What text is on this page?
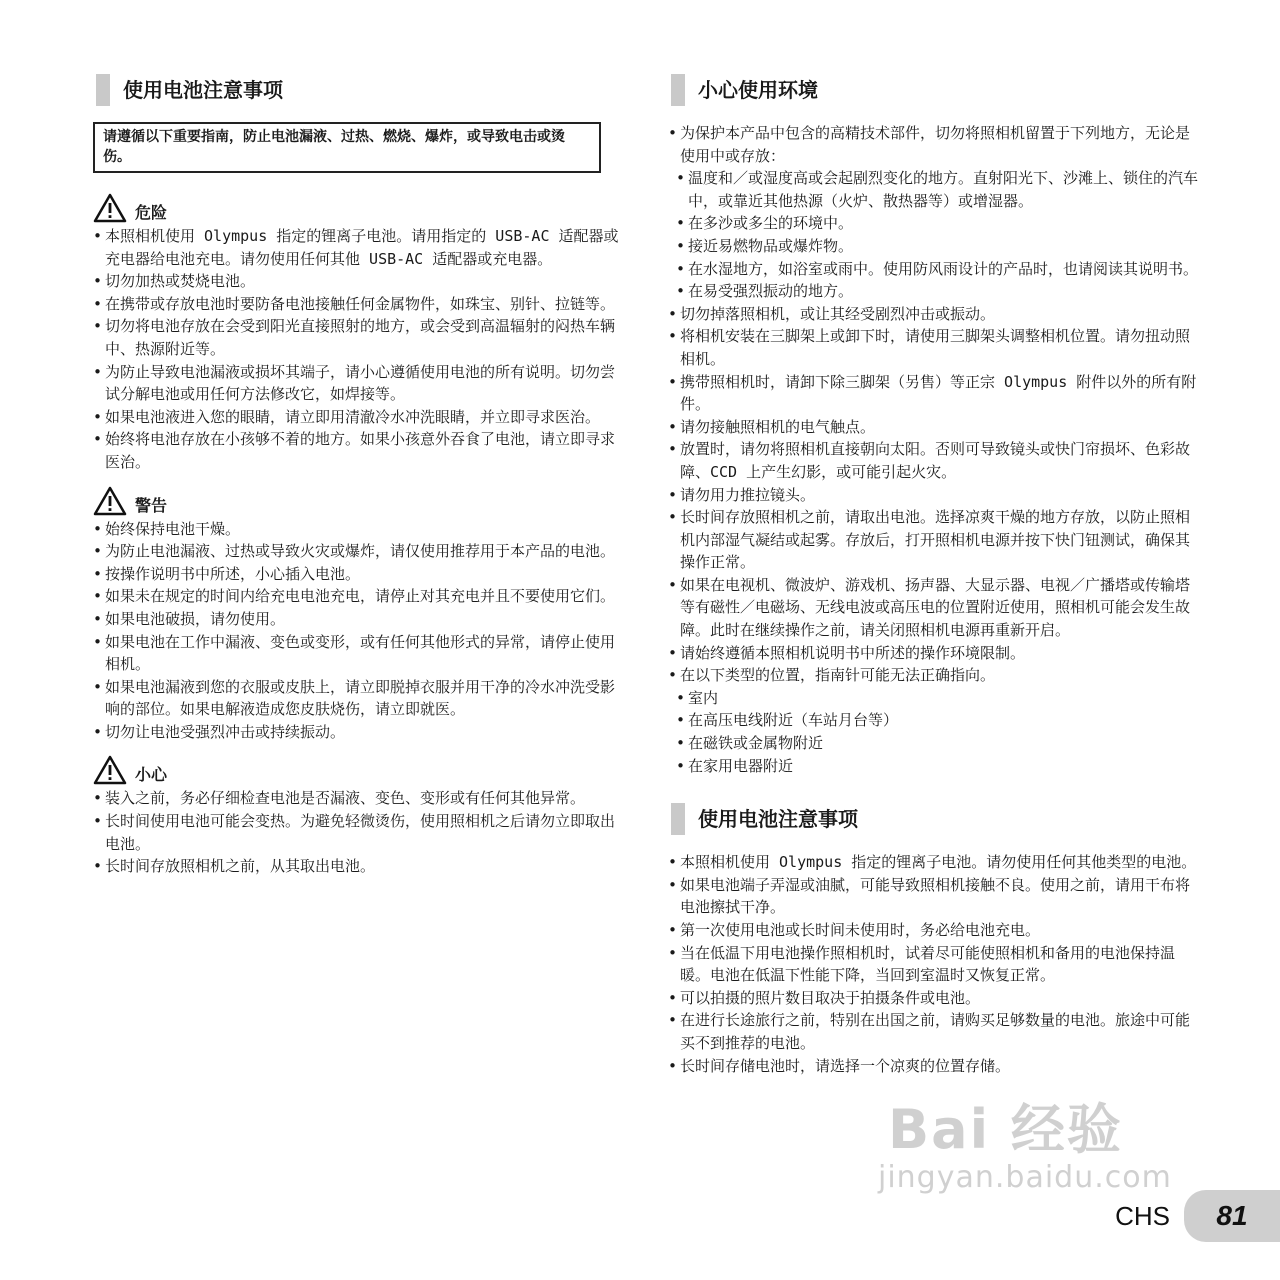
使用电池注意事项
请遵循以下重要指南，防止电池漏液、过热、燃烧、爆炸，或导致电击或烫伤。
危险
• 本照相机使用 Olympus 指定的锂离子电池。请用指定的 USB-AC 适配器或充电器给电池充电。请勿使用任何其他 USB-AC 适配器或充电器。
• 切勿加热或焚烧电池。
• 在携带或存放电池时要防备电池接触任何金属物件，如珠宝、别针、拉链等。
• 切勿将电池存放在会受到阳光直接照射的地方，或会受到高温辐射的闷热车辆中、热源附近等。
• 为防止导致电池漏液或损坏其端子，请小心遵循使用电池的所有说明。切勿尝试分解电池或用任何方法修改它，如焊接等。
• 如果电池液进入您的眼睛，请立即用清澈冷水冲洗眼睛，并立即寻求医治。
• 始终将电池存放在小孩够不着的地方。如果小孩意外吞食了电池，请立即寻求医治。
警告
• 始终保持电池干燥。
• 为防止电池漏液、过热或导致火灾或爆炸，请仅使用推荐用于本产品的电池。
• 按操作说明书中所述，小心插入电池。
• 如果未在规定的时间内给充电电池充电，请停止对其充电并且不要使用它们。
• 如果电池破损，请勿使用。
• 如果电池在工作中漏液、变色或变形，或有任何其他形式的异常，请停止使用相机。
• 如果电池漏液到您的衣服或皮肤上，请立即脱掉衣服并用干净的冷水冲洗受影响的部位。如果电解液造成您皮肤烧伤，请立即就医。
• 切勿让电池受强烈冲击或持续振动。
小心
• 装入之前，务必仔细检查电池是否漏液、变色、变形或有任何其他异常。
• 长时间使用电池可能会变热。为避免轻微烫伤，使用照相机之后请勿立即取出电池。
• 长时间存放照相机之前，从其取出电池。
小心使用环境
• 为保护本产品中包含的高精技术部件，切勿将照相机留置于下列地方，无论是使用中或存放：
• 温度和／或湿度高或会起剧烈变化的地方。直射阳光下、沙滩上、锁住的汽车中，或靠近其他热源（火炉、散热器等）或增湿器。
• 在多沙或多尘的环境中。
• 接近易燃物品或爆炸物。
• 在水湿地方，如浴室或雨中。使用防风雨设计的产品时，也请阅读其说明书。
• 在易受强烈振动的地方。
• 切勿掉落照相机，或让其经受剧烈冲击或振动。
• 将相机安装在三脚架上或卸下时，请使用三脚架头调整相机位置。请勿扭动照相机。
• 携带照相机时，请卸下除三脚架（另售）等正宗 Olympus 附件以外的所有附件。
• 请勿接触照相机的电气触点。
• 放置时，请勿将照相机直接朝向太阳。否则可导致镜头或快门帘损坏、色彩故障、CCD 上产生幻影，或可能引起火灾。
• 请勿用力推拉镜头。
• 长时间存放照相机之前，请取出电池。选择凉爽干燥的地方存放，以防止照相机内部湿气凝结或起雾。存放后，打开照相机电源并按下快门钮测试，确保其操作正常。
• 如果在电视机、微波炉、游戏机、扬声器、大显示器、电视／广播塔或传输塔等有磁性／电磁场、无线电波或高压电的位置附近使用，照相机可能会发生故障。此时在继续操作之前，请关闭照相机电源再重新开启。
• 请始终遵循本照相机说明书中所述的操作环境限制。
• 在以下类型的位置，指南针可能无法正确指向。
• 室内
• 在高压电线附近（车站月台等）
• 在磁铁或金属物附近
• 在家用电器附近
使用电池注意事项
• 本照相机使用 Olympus 指定的锂离子电池。请勿使用任何其他类型的电池。
• 如果电池端子弄湿或油腻，可能导致照相机接触不良。使用之前，请用干布将电池擦拭干净。
• 第一次使用电池或长时间未使用时，务必给电池充电。
• 当在低温下用电池操作照相机时，试着尽可能使照相机和备用的电池保持温暖。电池在低温下性能下降，当回到室温时又恢复正常。
• 可以拍摄的照片数目取决于拍摄条件或电池。
• 在进行长途旅行之前，特别在出国之前，请购买足够数量的电池。旅途中可能买不到推荐的电池。
• 长时间存储电池时，请选择一个凉爽的位置存储。
Bai 经验
jingyan.baidu.com
CHS	81
